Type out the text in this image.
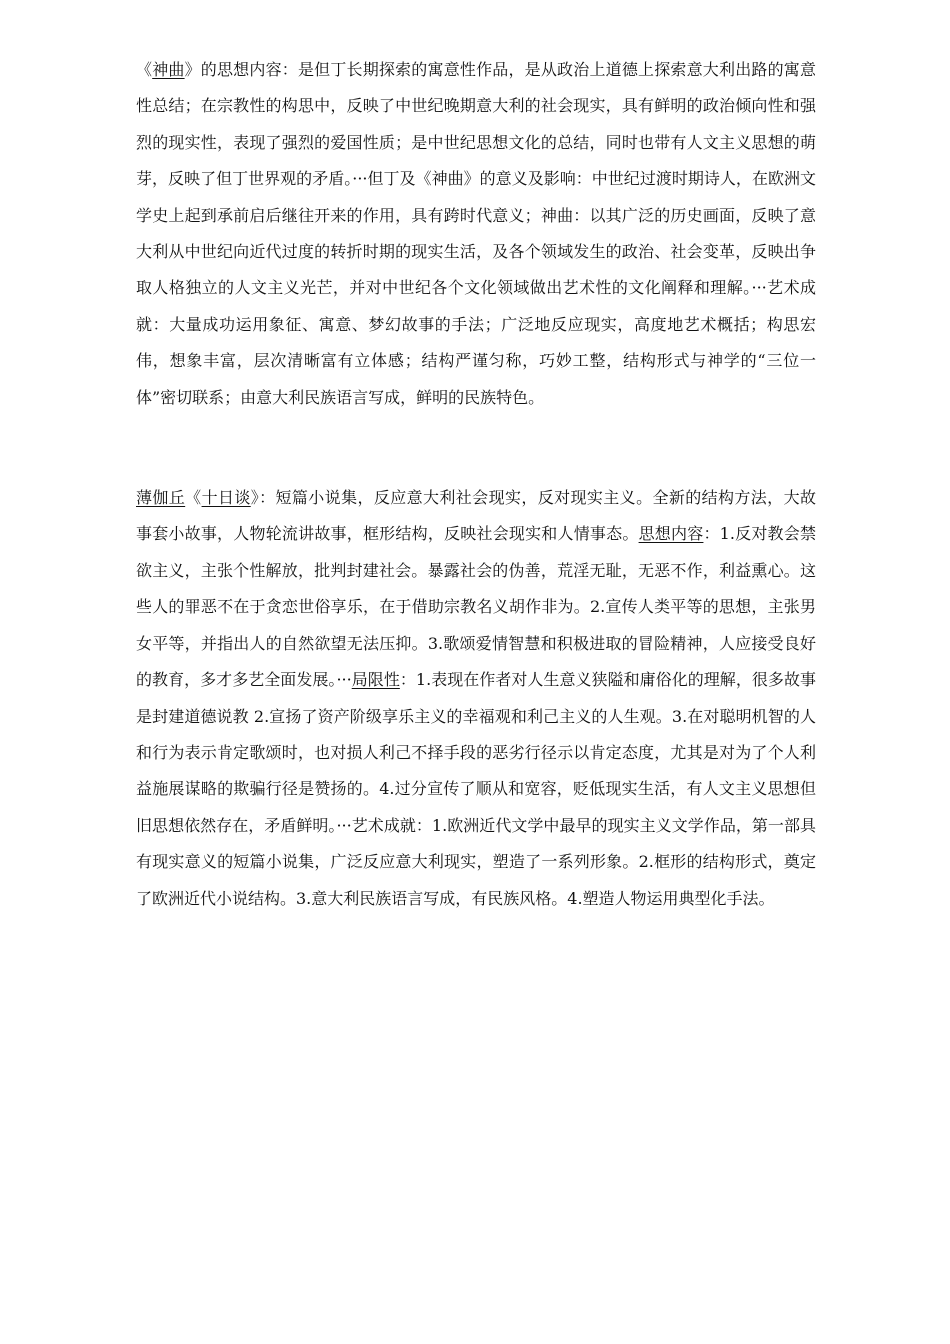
《神曲》的思想内容：是但丁长期探索的寓意性作品，是从政治上道德上探索意大利出路的寓意性总结；在宗教性的构思中，反映了中世纪晚期意大利的社会现实，具有鲜明的政治倾向性和强烈的现实性，表现了强烈的爱国性质；是中世纪思想文化的总结，同时也带有人文主义思想的萌芽，反映了但丁世界观的矛盾。···但丁及《神曲》的意义及影响：中世纪过渡时期诗人，在欧洲文学史上起到承前启后继往开来的作用，具有跨时代意义；神曲：以其广泛的历史画面，反映了意大利从中世纪向近代过度的转折时期的现实生活，及各个领域发生的政治、社会变革，反映出争取人格独立的人文主义光芒，并对中世纪各个文化领域做出艺术性的文化阐释和理解。···艺术成就：大量成功运用象征、寓意、梦幻故事的手法；广泛地反应现实，高度地艺术概括；构思宏伟，想象丰富，层次清晰富有立体感；结构严谨匀称，巧妙工整，结构形式与神学的“三位一体”密切联系；由意大利民族语言写成，鲜明的民族特色。

薄伽丘《十日谈》：短篇小说集，反应意大利社会现实，反对现实主义。全新的结构方法，大故事套小故事，人物轮流讲故事，框形结构，反映社会现实和人情事态。思想内容：1.反对教会禁欲主义，主张个性解放，批判封建社会。暴露社会的伪善，荒淫无耻，无恶不作，利益熏心。这些人的罪恶不在于贪恋世俗享乐，在于借助宗教名义胡作非为。2.宣传人类平等的思想，主张男女平等，并指出人的自然欲望无法压抑。3.歌颂爱情智慧和积极进取的冒险精神，人应接受良好的教育，多才多艺全面发展。···局限性：1.表现在作者对人生意义狭隘和庸俗化的理解，很多故事是封建道德说教 2.宣扬了资产阶级享乐主义的幸福观和利己主义的人生观。3.在对聪明机智的人和行为表示肯定歌颂时，也对损人利己不择手段的恶劣行径示以肯定态度，尤其是对为了个人利益施展谋略的欺骗行径是赞扬的。4.过分宣传了顺从和宽容，贬低现实生活，有人文主义思想但旧思想依然存在，矛盾鲜明。···艺术成就：1.欧洲近代文学中最早的现实主义文学作品，第一部具有现实意义的短篇小说集，广泛反应意大利现实，塑造了一系列形象。2.框形的结构形式，奠定了欧洲近代小说结构。3.意大利民族语言写成，有民族风格。4.塑造人物运用典型化手法。
